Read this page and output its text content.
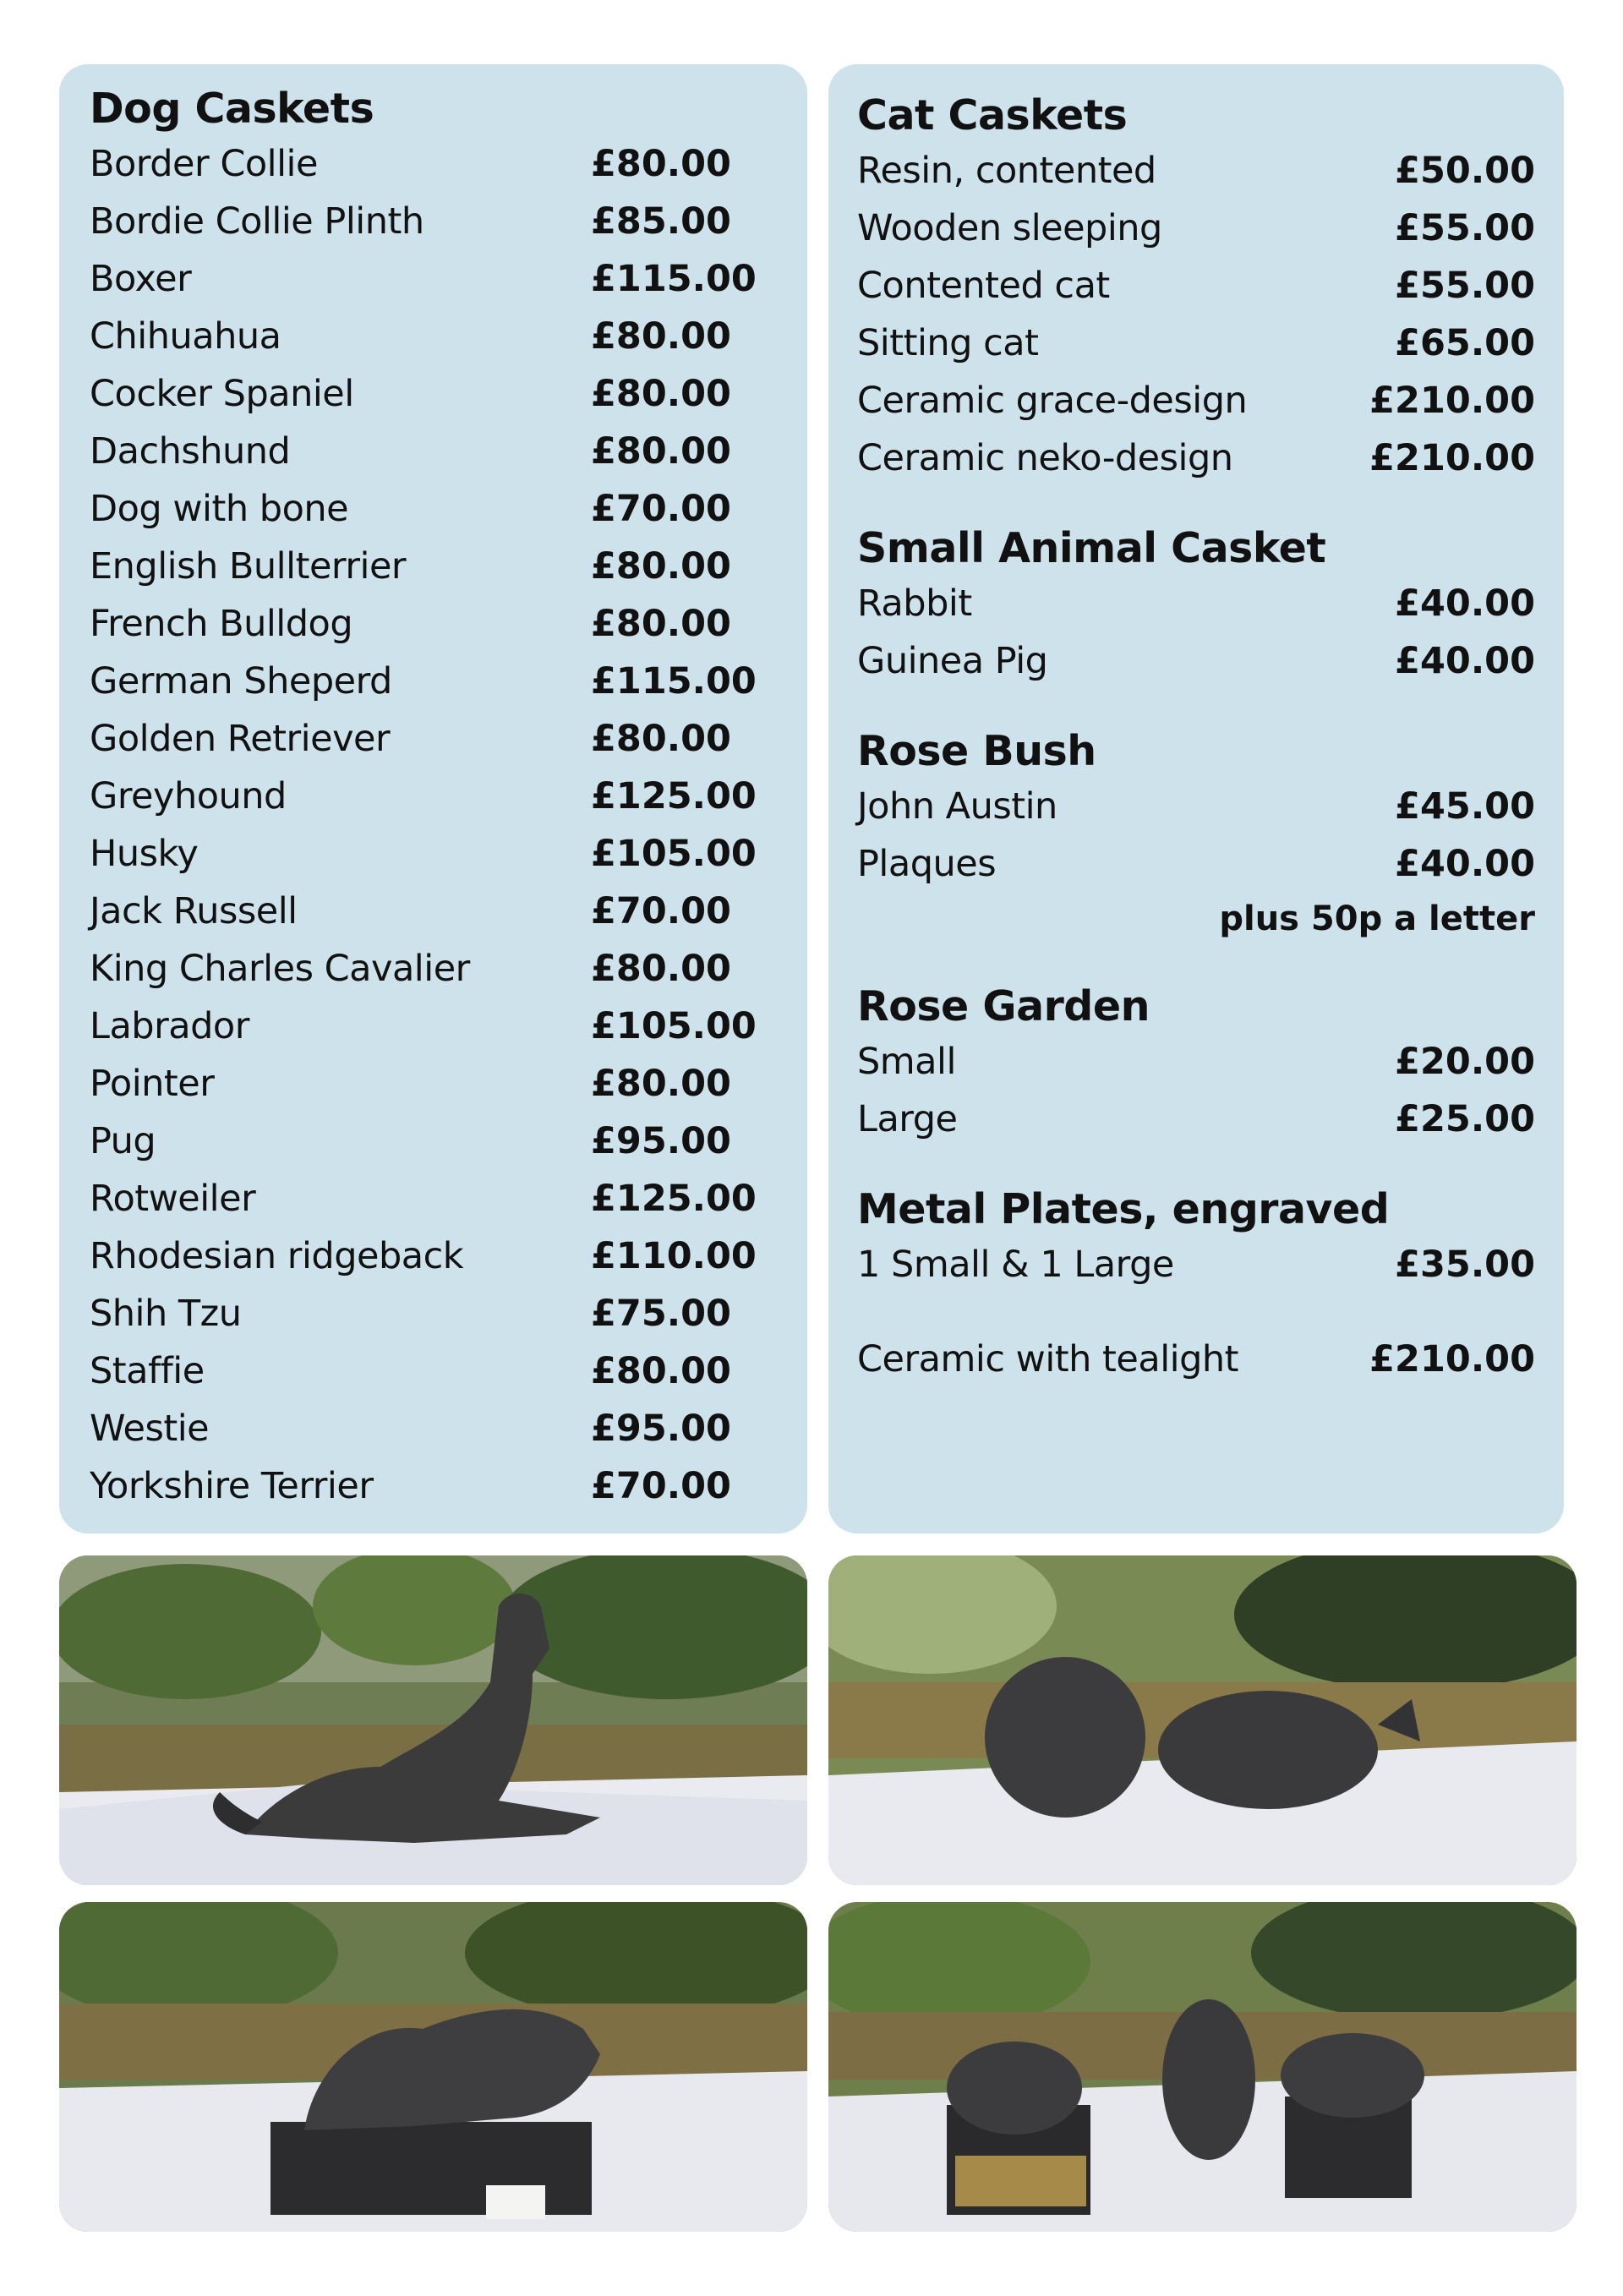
Dog Caskets
Border Collie	£80.00
Bordie Collie Plinth	£85.00
Boxer	£115.00
Chihuahua	£80.00
Cocker Spaniel	£80.00
Dachshund	£80.00
Dog with bone	£70.00
English Bullterrier	£80.00
French Bulldog	£80.00
German Sheperd	£115.00
Golden Retriever	£80.00
Greyhound	£125.00
Husky	£105.00
Jack Russell	£70.00
King Charles Cavalier	£80.00
Labrador	£105.00
Pointer	£80.00
Pug	£95.00
Rotweiler	£125.00
Rhodesian ridgeback	£110.00
Shih Tzu	£75.00
Staffie	£80.00
Westie	£95.00
Yorkshire Terrier	£70.00
Cat Caskets
Resin, contented	£50.00
Wooden sleeping	£55.00
Contented cat	£55.00
Sitting cat	£65.00
Ceramic grace-design	£210.00
Ceramic neko-design	£210.00
Small Animal Casket
Rabbit	£40.00
Guinea Pig	£40.00
Rose Bush
John Austin	£45.00
Plaques	£40.00
plus 50p a letter
Rose Garden
Small	£20.00
Large	£25.00
Metal Plates, engraved
1 Small & 1 Large	£35.00
Ceramic with tealight	£210.00
